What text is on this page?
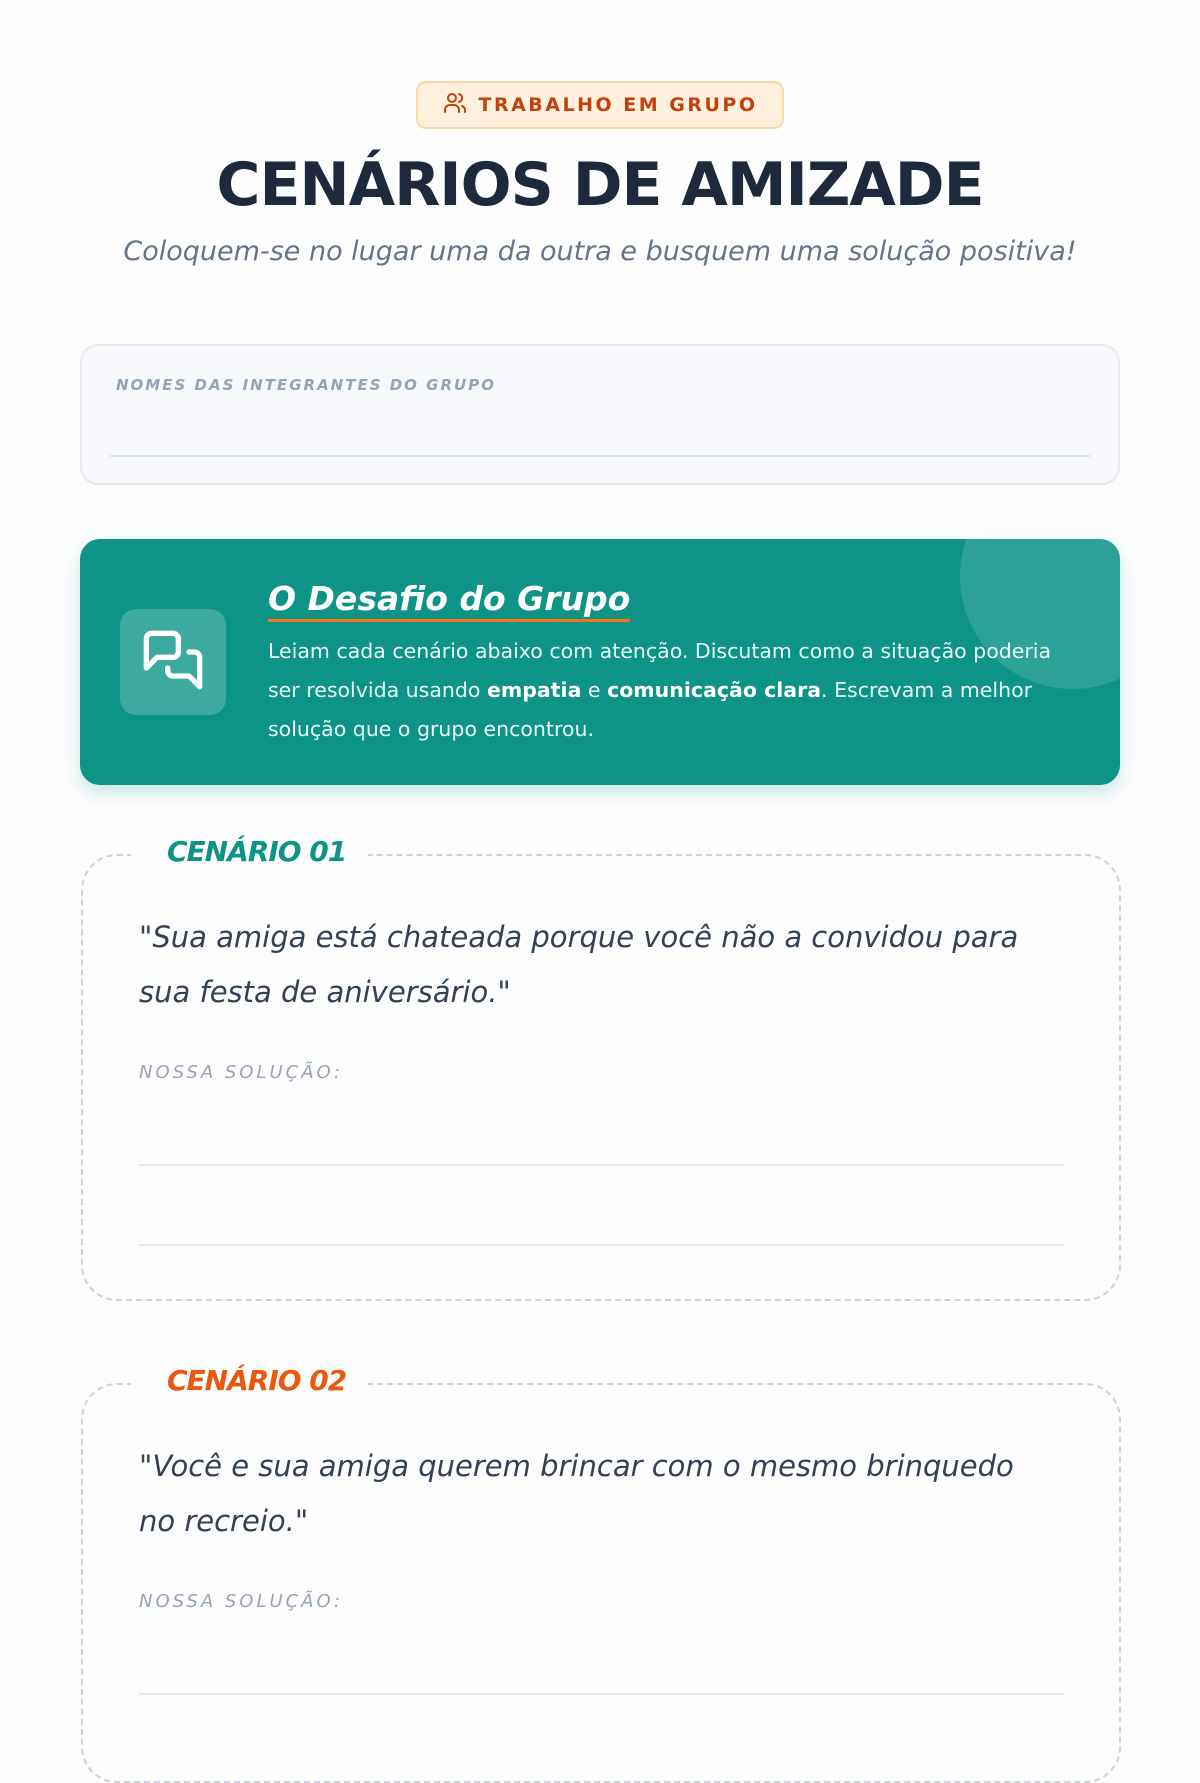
TRABALHO EM GRUPO
CENÁRIOS DE AMIZADE
Coloquem-se no lugar uma da outra e busquem uma solução positiva!
NOMES DAS INTEGRANTES DO GRUPO
O Desafio do Grupo
Leiam cada cenário abaixo com atenção. Discutam como a situação poderia ser resolvida usando empatia e comunicação clara. Escrevam a melhor solução que o grupo encontrou.
CENÁRIO 01
"Sua amiga está chateada porque você não a convidou para sua festa de aniversário."
NOSSA SOLUÇÃO:
CENÁRIO 02
"Você e sua amiga querem brincar com o mesmo brinquedo no recreio."
NOSSA SOLUÇÃO:
